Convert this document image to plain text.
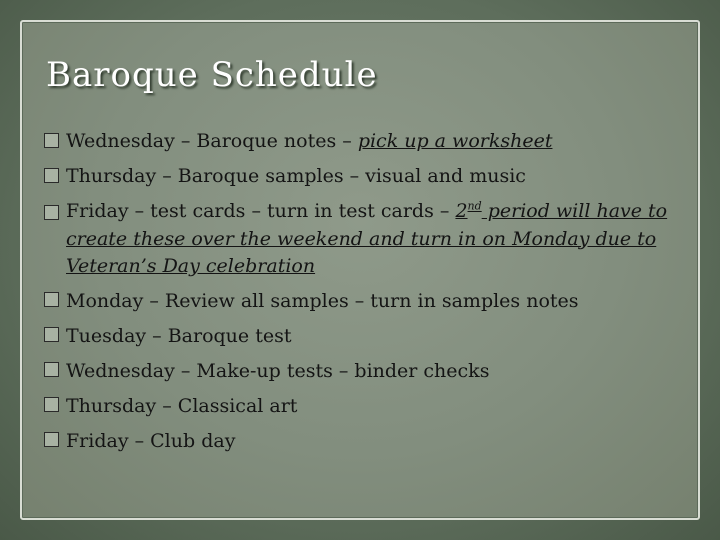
Baroque Schedule
Wednesday – Baroque notes – pick up a worksheet
Thursday – Baroque samples – visual and music
Friday – test cards – turn in test cards – 2nd period will have to create these over the weekend and turn in on Monday due to Veteran’s Day celebration
Monday – Review all samples – turn in samples notes
Tuesday – Baroque test
Wednesday – Make-up tests – binder checks
Thursday – Classical art
Friday – Club day
